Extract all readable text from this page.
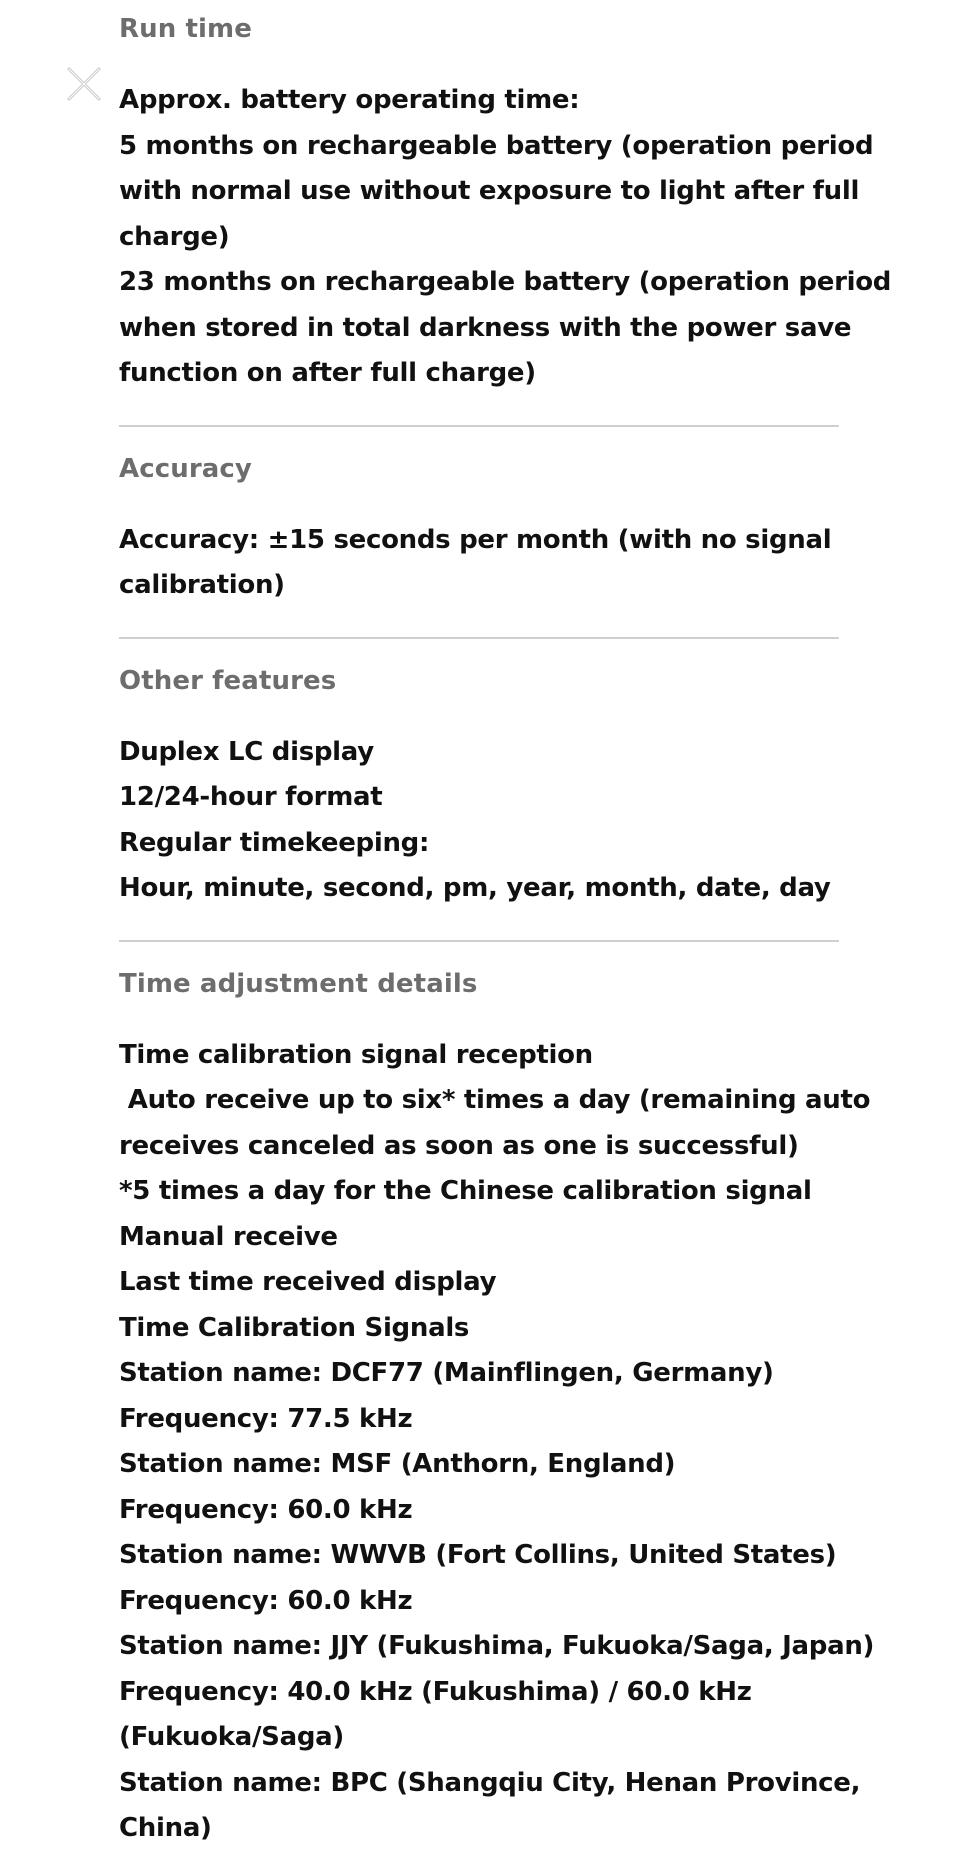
Run time
Approx. battery operating time:
5 months on rechargeable battery (operation period
with normal use without exposure to light after full
charge)
23 months on rechargeable battery (operation period
when stored in total darkness with the power save
function on after full charge)
Accuracy
Accuracy: ±15 seconds per month (with no signal
calibration)
Other features
Duplex LC display
12/24-hour format
Regular timekeeping:
Hour, minute, second, pm, year, month, date, day
Time adjustment details
Time calibration signal reception
Auto receive up to six* times a day (remaining auto
receives canceled as soon as one is successful)
*5 times a day for the Chinese calibration signal
Manual receive
Last time received display
Time Calibration Signals
Station name: DCF77 (Mainflingen, Germany)
Frequency: 77.5 kHz
Station name: MSF (Anthorn, England)
Frequency: 60.0 kHz
Station name: WWVB (Fort Collins, United States)
Frequency: 60.0 kHz
Station name: JJY (Fukushima, Fukuoka/Saga, Japan)
Frequency: 40.0 kHz (Fukushima) / 60.0 kHz
(Fukuoka/Saga)
Station name: BPC (Shangqiu City, Henan Province,
China)
